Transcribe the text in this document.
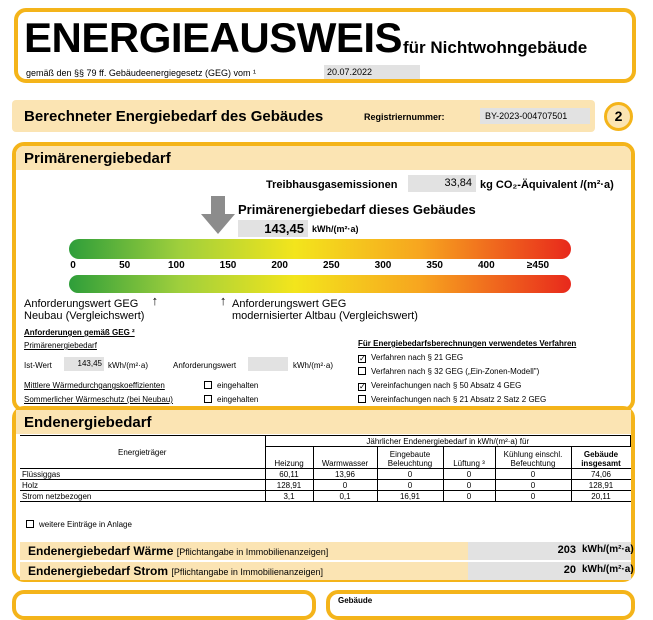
ENERGIEAUSWEIS für Nichtwohngebäude
gemäß den §§ 79 ff. Gebäudeenergiegesetz (GEG) vom ¹	20.07.2022
Berechneter Energiebedarf des Gebäudes	Registriernummer:	BY-2023-004707501	2
Primärenergiebedarf
Treibhausgasemissionen	33,84 kg CO₂-Äquivalent /(m²·a)
Primärenergiebedarf dieses Gebäudes
143,45 kWh/(m²·a)
0	50	100	150	200	250	300	350	400	≥450
↑	↑
Anforderungswert GEG
Neubau (Vergleichswert)
Anforderungswert GEG
modernisierter Altbau (Vergleichswert)
Anforderungen gemäß GEG ²
Primärenergiebedarf
Ist-Wert	143,45 kWh/(m²·a)	Anforderungswert	kWh/(m²·a)
Mittlere Wärmedurchgangskoeffizienten	eingehalten
Sommerlicher Wärmeschutz (bei Neubau)	eingehalten
Für Energiebedarfsberechnungen verwendetes Verfahren
✓ Verfahren nach § 21 GEG
Verfahren nach § 32 GEG („Ein-Zonen-Modell")
✓ Vereinfachungen nach § 50 Absatz 4 GEG
Vereinfachungen nach § 21 Absatz 2 Satz 2 GEG
Endenergiebedarf
Energieträger	Jährlicher Endenergiebedarf in kWh/(m²·a) für					
	Heizung	Warmwasser	Eingebaute Beleuchtung	Lüftung ³	Kühlung einschl. Befeuchtung	Gebäude insgesamt
Flüssiggas	60,11	13,96	0	0	0	74,06
Holz	128,91	0	0	0	0	128,91
Strom netzbezogen	3,1	0,1	16,91	0	0	20,11
weitere Einträge in Anlage
Endenergiebedarf Wärme [Pflichtangabe in Immobilienanzeigen]	203 kWh/(m²·a)
Endenergiebedarf Strom [Pflichtangabe in Immobilienanzeigen]	20 kWh/(m²·a)
Gebäude
